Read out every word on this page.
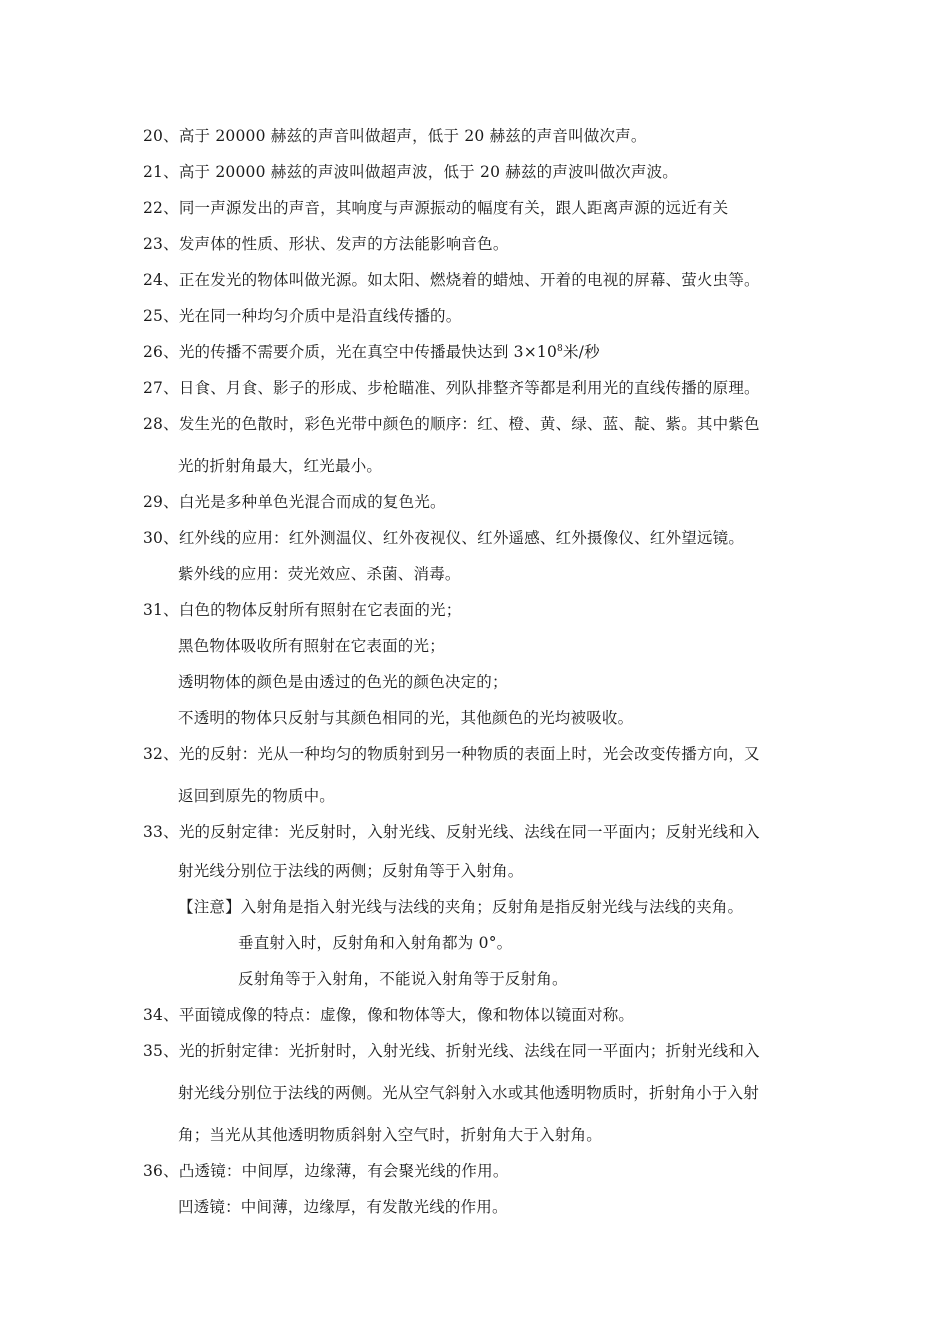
20、高于 20000 赫兹的声音叫做超声，低于 20 赫兹的声音叫做次声。
21、高于 20000 赫兹的声波叫做超声波，低于 20 赫兹的声波叫做次声波。
22、同一声源发出的声音，其响度与声源振动的幅度有关，跟人距离声源的远近有关
23、发声体的性质、形状、发声的方法能影响音色。
24、正在发光的物体叫做光源。如太阳、燃烧着的蜡烛、开着的电视的屏幕、萤火虫等。
25、光在同一种均匀介质中是沿直线传播的。
26、光的传播不需要介质，光在真空中传播最快达到 $3\times 10^8$米/秒
27、日食、月食、影子的形成、步枪瞄准、列队排整齐等都是利用光的直线传播的原理。
28、发生光的色散时，彩色光带中颜色的顺序：红、橙、黄、绿、蓝、靛、紫。其中紫色
光的折射角最大，红光最小。
29、白光是多种单色光混合而成的复色光。
30、红外线的应用：红外测温仪、红外夜视仪、红外遥感、红外摄像仪、红外望远镜。
紫外线的应用：荧光效应、杀菌、消毒。
31、白色的物体反射所有照射在它表面的光；
黑色物体吸收所有照射在它表面的光；
透明物体的颜色是由透过的色光的颜色决定的；
不透明的物体只反射与其颜色相同的光，其他颜色的光均被吸收。
32、光的反射：光从一种均匀的物质射到另一种物质的表面上时，光会改变传播方向，又
返回到原先的物质中。
33、光的反射定律：光反射时，入射光线、反射光线、法线在同一平面内；反射光线和入
射光线分别位于法线的两侧；反射角等于入射角。
【注意】入射角是指入射光线与法线的夹角；反射角是指反射光线与法线的夹角。
垂直射入时，反射角和入射角都为 0°。
反射角等于入射角，不能说入射角等于反射角。
34、平面镜成像的特点：虚像，像和物体等大，像和物体以镜面对称。
35、光的折射定律：光折射时，入射光线、折射光线、法线在同一平面内；折射光线和入
射光线分别位于法线的两侧。光从空气斜射入水或其他透明物质时，折射角小于入射
角；当光从其他透明物质斜射入空气时，折射角大于入射角。
36、凸透镜：中间厚，边缘薄，有会聚光线的作用。
凹透镜：中间薄，边缘厚，有发散光线的作用。
